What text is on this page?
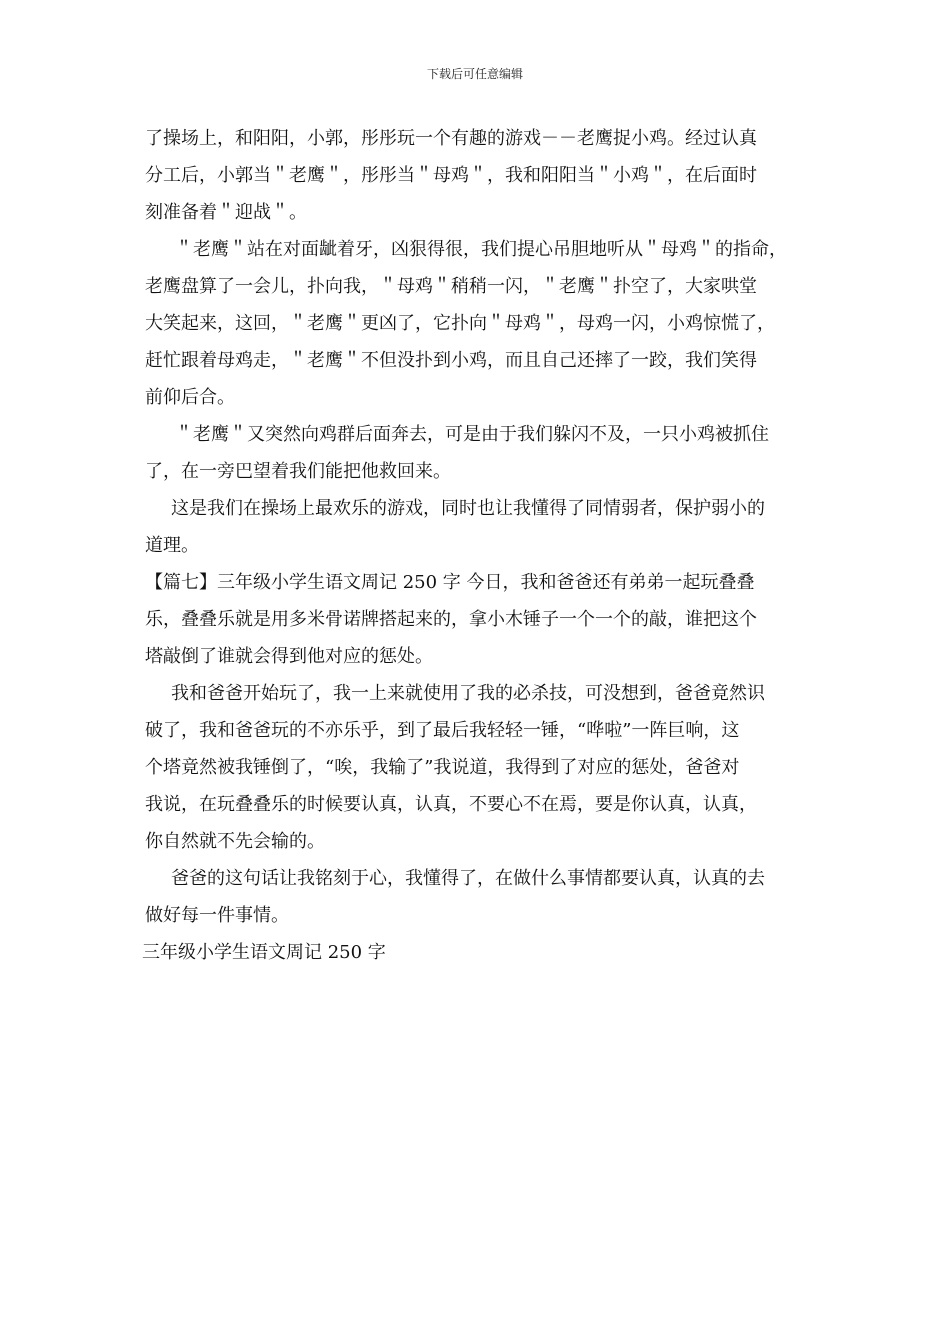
下载后可任意编辑
了操场上，和阳阳，小郭，彤彤玩一个有趣的游戏－－老鹰捉小鸡。经过认真
分工后，小郭当＂老鹰＂，彤彤当＂母鸡＂，我和阳阳当＂小鸡＂，在后面时
刻准备着＂迎战＂。
＂老鹰＂站在对面龇着牙，凶狠得很，我们提心吊胆地听从＂母鸡＂的指命，
老鹰盘算了一会儿，扑向我，＂母鸡＂稍稍一闪，＂老鹰＂扑空了，大家哄堂
大笑起来，这回，＂老鹰＂更凶了，它扑向＂母鸡＂，母鸡一闪，小鸡惊慌了，
赶忙跟着母鸡走，＂老鹰＂不但没扑到小鸡，而且自己还摔了一跤，我们笑得
前仰后合。
＂老鹰＂又突然向鸡群后面奔去，可是由于我们躲闪不及，一只小鸡被抓住
了，在一旁巴望着我们能把他救回来。
这是我们在操场上最欢乐的游戏，同时也让我懂得了同情弱者，保护弱小的
道理。
【篇七】三年级小学生语文周记 250 字 今日，我和爸爸还有弟弟一起玩叠叠
乐，叠叠乐就是用多米骨诺牌搭起来的，拿小木锤子一个一个的敲，谁把这个
塔敲倒了谁就会得到他对应的惩处。
我和爸爸开始玩了，我一上来就使用了我的必杀技，可没想到，爸爸竟然识
破了，我和爸爸玩的不亦乐乎，到了最后我轻轻一锤，“哗啦”一阵巨响，这
个塔竟然被我锤倒了，“唉，我输了”我说道，我得到了对应的惩处，爸爸对
我说，在玩叠叠乐的时候要认真，认真，不要心不在焉，要是你认真，认真，
你自然就不先会输的。
爸爸的这句话让我铭刻于心，我懂得了，在做什么事情都要认真，认真的去
做好每一件事情。
三年级小学生语文周记 250 字
